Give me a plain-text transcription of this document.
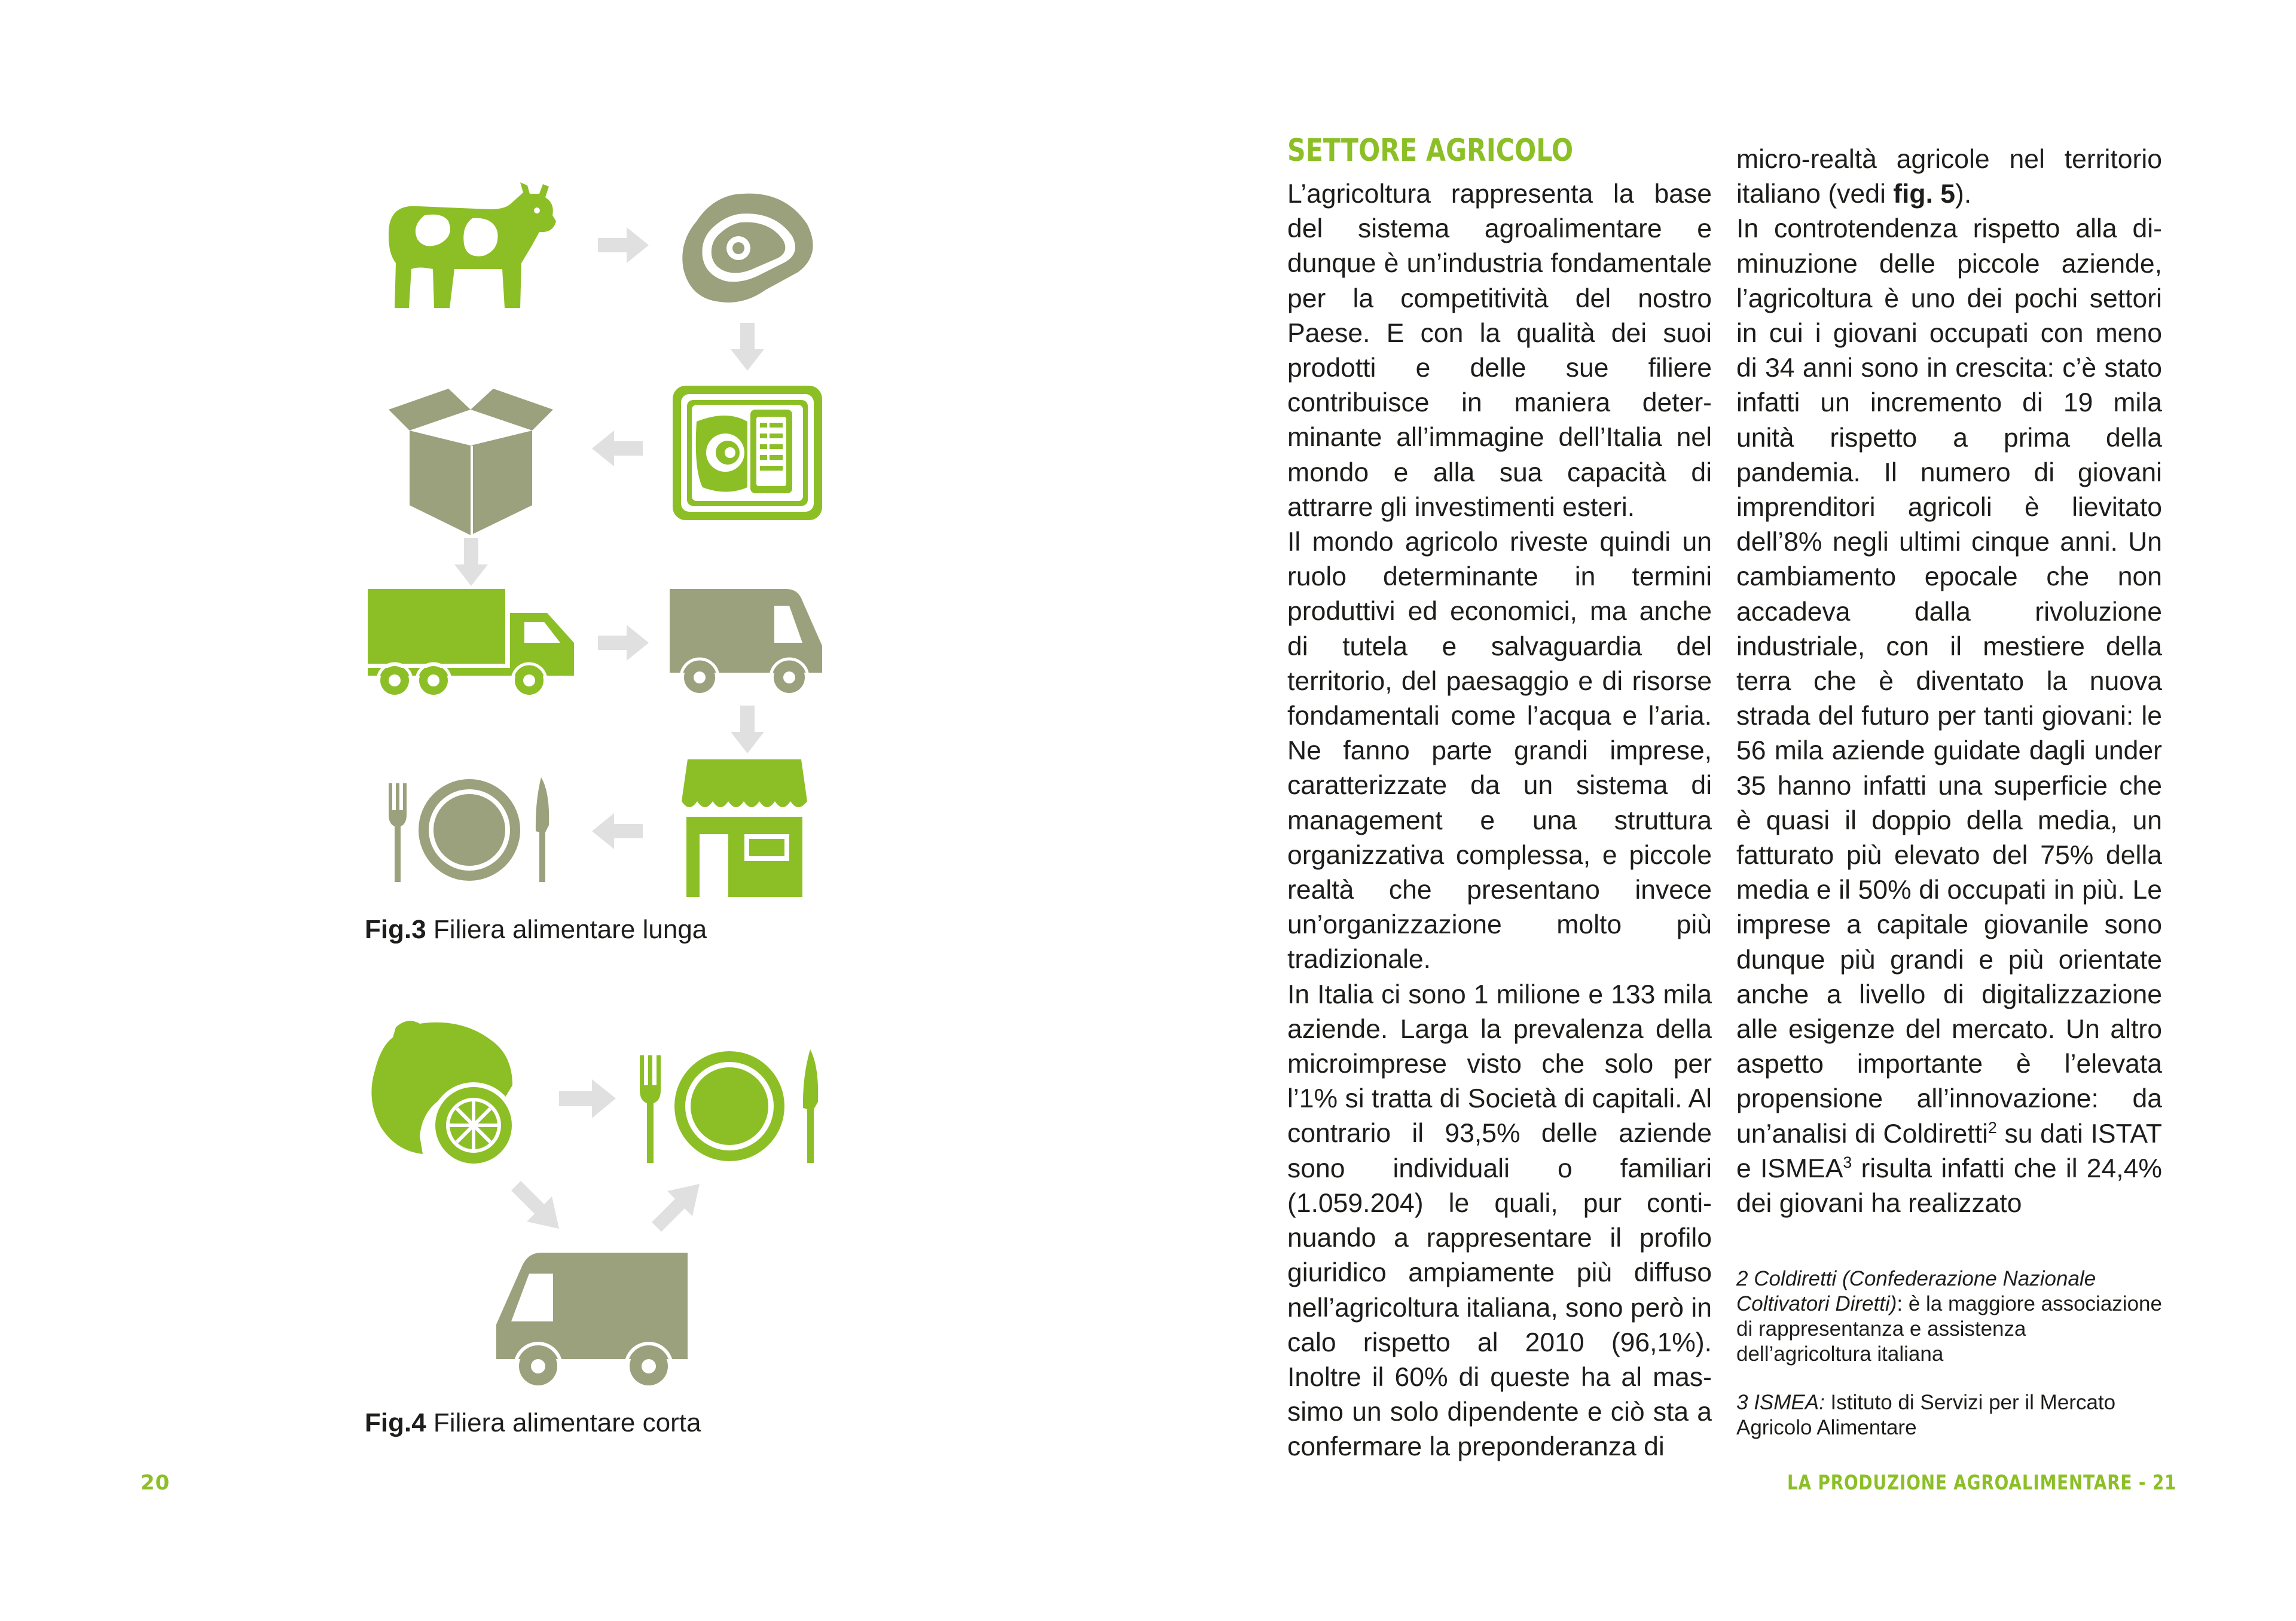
Fig.3 Filiera alimentare lunga
Fig.4 Filiera alimentare corta
20
SETTORE AGRICOLO

L’agricoltura rappresenta la base del sistema agroalimentare e dunque è un’industria fondamentale per la competitività del nostro Paese. E con la qualità dei suoi prodotti e delle sue filiere contribuisce in maniera determinante all’immagine dell’Italia nel mondo e alla sua capacità di attrarre gli investimenti esteri.

Il mondo agricolo riveste quindi un ruolo determinante in termini produttivi ed economici, ma anche di tutela e salvaguardia del territorio, del paesaggio e di risorse fondamentali come l’acqua e l’aria. Ne fanno parte grandi imprese, caratterizzate da un sistema di management e una struttura organizzativa complessa, e piccole realtà che presentano invece un’organizzazione molto più tradizionale.

In Italia ci sono 1 milione e 133 mila aziende. Larga la prevalenza della microimprese visto che solo per l’1% si tratta di Società di capitali. Al contrario il 93,5% delle aziende sono individuali o familiari (1.059.204) le quali, pur continuando a rappresentare il profilo giuridico ampiamente più diffuso nell’agricoltura italiana, sono però in calo rispetto al 2010 (96,1%). Inoltre il 60% di queste ha al massimo un solo dipendente e ciò sta a confermare la preponderanza di

micro-realtà agricole nel territorio italiano (vedi fig. 5).

In controtendenza rispetto alla diminuzione delle piccole aziende, l’agricoltura è uno dei pochi settori in cui i giovani occupati con meno di 34 anni sono in crescita: c’è stato infatti un incremento di 19 mila unità rispetto a prima della pandemia. Il numero di giovani imprenditori agricoli è lievitato dell’8% negli ultimi cinque anni. Un cambiamento epocale che non accadeva dalla rivoluzione industriale, con il mestiere della terra che è diventato la nuova strada del futuro per tanti giovani: le 56 mila aziende guidate dagli under 35 hanno infatti una superficie che è quasi il doppio della media, un fatturato più elevato del 75% della media e il 50% di occupati in più. Le imprese a capitale giovanile sono dunque più grandi e più orientate anche a livello di digitalizzazione alle esigenze del mercato. Un altro aspetto importante è l’elevata propensione all’innovazione: da un’analisi di Coldiretti$^2$ su dati ISTAT e ISMEA$^3$ risulta infatti che il 24,4% dei giovani ha realizzato

2 Coldiretti (Confederazione Nazionale Coltivatori Diretti): è la maggiore associazione di rappresentanza e assistenza dell’agricoltura italiana
3 ISMEA: Istituto di Servizi per il Mercato Agricolo Alimentare
LA PRODUZIONE AGROALIMENTARE - 21
